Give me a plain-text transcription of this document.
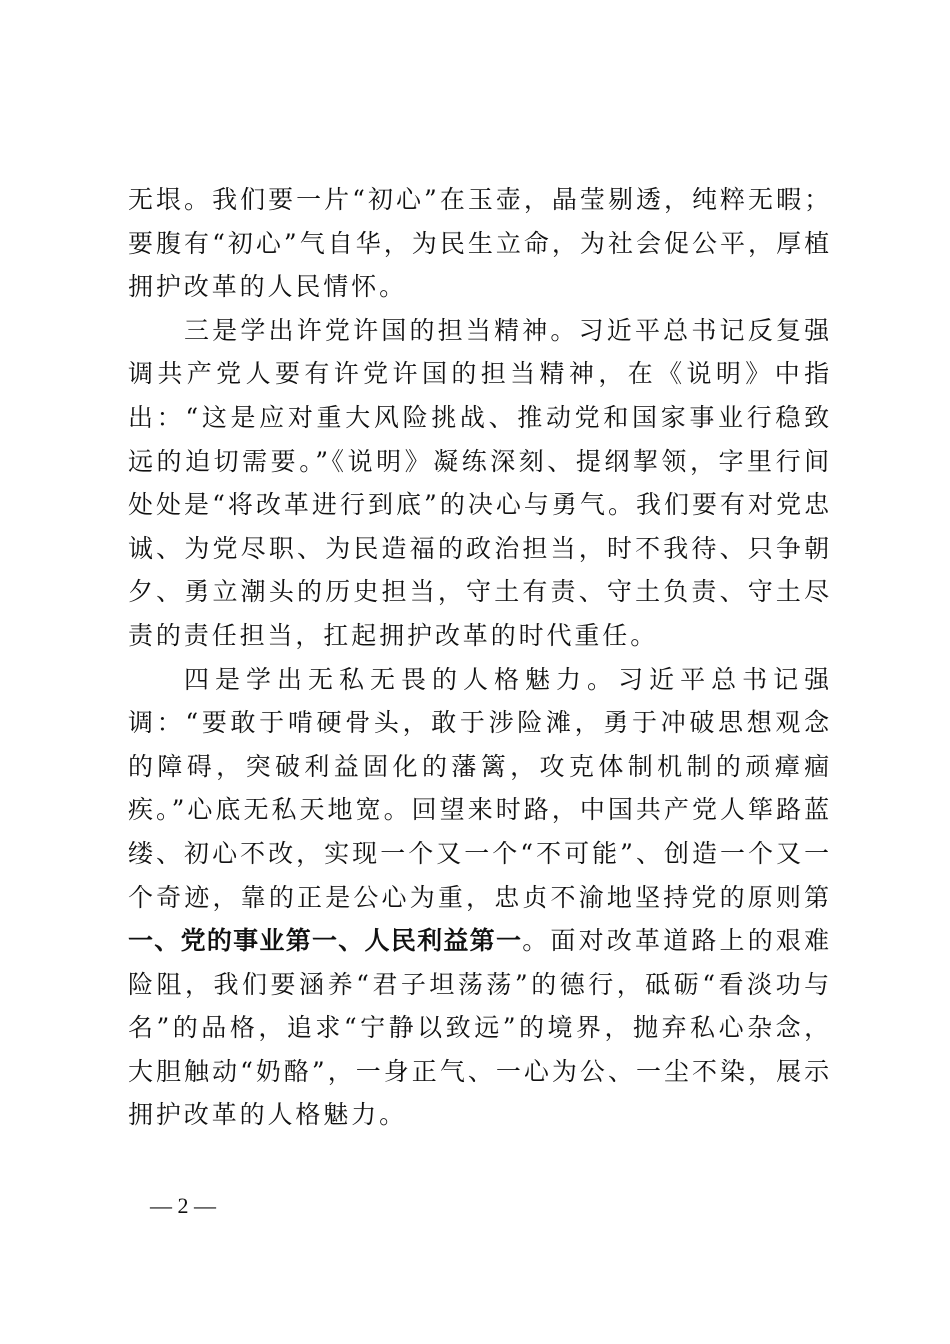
无垠。我们要一片“初心”在玉壶，晶莹剔透，纯粹无暇；要腹有“初心”气自华，为民生立命，为社会促公平，厚植拥护改革的人民情怀。

三是学出许党许国的担当精神。习近平总书记反复强调共产党人要有许党许国的担当精神，在《说明》中指出：“这是应对重大风险挑战、推动党和国家事业行稳致远的迫切需要。”《说明》凝练深刻、提纲挈领，字里行间处处是“将改革进行到底”的决心与勇气。我们要有对党忠诚、为党尽职、为民造福的政治担当，时不我待、只争朝夕、勇立潮头的历史担当，守土有责、守土负责、守土尽责的责任担当，扛起拥护改革的时代重任。

四是学出无私无畏的人格魅力。习近平总书记强调：“要敢于啃硬骨头，敢于涉险滩，勇于冲破思想观念的障碍，突破利益固化的藩篱，攻克体制机制的顽瘴痼疾。”心底无私天地宽。回望来时路，中国共产党人筚路蓝缕、初心不改，实现一个又一个“不可能”、创造一个又一个奇迹，靠的正是公心为重，忠贞不渝地坚持党的原则第一、党的事业第一、人民利益第一。面对改革道路上的艰难险阻，我们要涵养“君子坦荡荡”的德行，砥砺“看淡功与名”的品格，追求“宁静以致远”的境界，抛弃私心杂念，大胆触动“奶酪”，一身正气、一心为公、一尘不染，展示拥护改革的人格魅力。

— 2 —
